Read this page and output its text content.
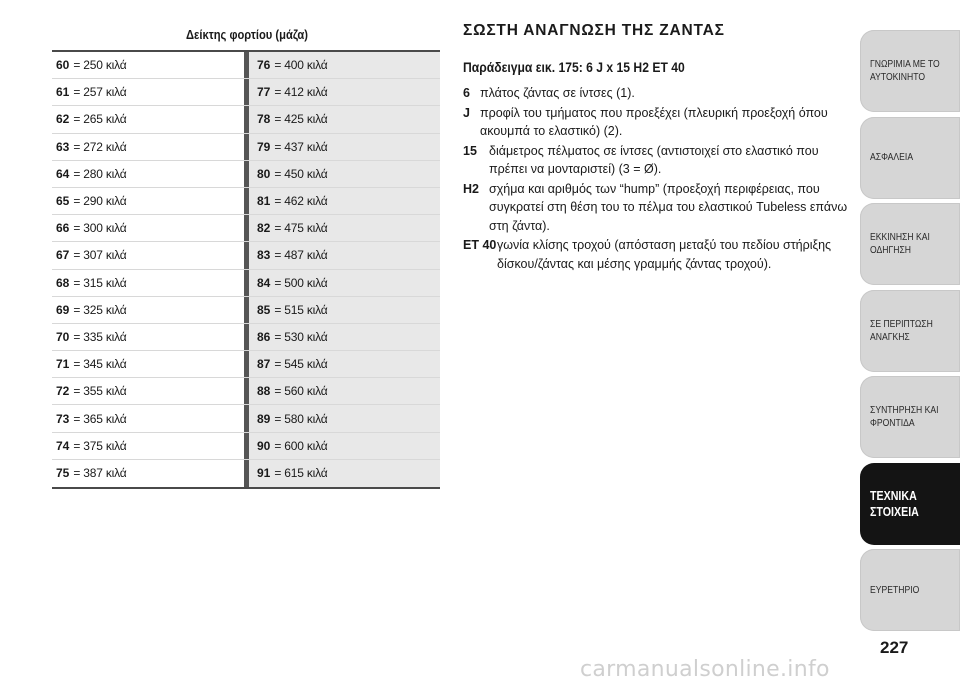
Δείκτης φορτίου (μάζα)
60 = 250 κιλά	76 = 400 κιλά
61 = 257 κιλά	77 = 412 κιλά
62 = 265 κιλά	78 = 425 κιλά
63 = 272 κιλά	79 = 437 κιλά
64 = 280 κιλά	80 = 450 κιλά
65 = 290 κιλά	81 = 462 κιλά
66 = 300 κιλά	82 = 475 κιλά
67 = 307 κιλά	83 = 487 κιλά
68 = 315 κιλά	84 = 500 κιλά
69 = 325 κιλά	85 = 515 κιλά
70 = 335 κιλά	86 = 530 κιλά
71 = 345 κιλά	87 = 545 κιλά
72 = 355 κιλά	88 = 560 κιλά
73 = 365 κιλά	89 = 580 κιλά
74 = 375 κιλά	90 = 600 κιλά
75 = 387 κιλά	91 = 615 κιλά
ΣΩΣΤΗ ΑΝΑΓΝΩΣΗ ΤΗΣ ΖΑΝΤΑΣ
Παράδειγμα εικ. 175: 6 J x 15 H2 ET 40
6 πλάτος ζάντας σε ίντσες (1).
J προφίλ του τμήματος που προεξέχει (πλευρική προεξοχή όπου ακουμπά το ελαστικό) (2).
15 διάμετρος πέλματος σε ίντσες (αντιστοιχεί στο ελαστικό που πρέπει να μονταριστεί) (3 = Ø).
H2 σχήμα και αριθμός των “hump” (προεξοχή περιφέρειας, που συγκρατεί στη θέση του το πέλμα του ελαστικού Tubeless επάνω στη ζάντα).
ET 40 γωνία κλίσης τροχού (απόσταση μεταξύ του πεδίου στήριξης δίσκου/ζάντας και μέσης γραμμής ζάντας τροχού).
ΓΝΩΡΙΜΙΑ ΜΕ ΤΟ
ΑΥΤΟΚΙΝΗΤΟ
ΑΣΦΑΛΕΙΑ
ΕΚΚΙΝΗΣΗ ΚΑΙ
ΟΔΗΓΗΣΗ
ΣΕ ΠΕΡΙΠΤΩΣΗ
ΑΝΑΓΚΗΣ
ΣΥΝΤΗΡΗΣΗ ΚΑΙ
ΦΡΟΝΤΙΔΑ
ΤΕΧΝΙΚΑ
ΣΤΟΙΧΕΙΑ
ΕΥΡΕΤΗΡΙΟ
227
carmanualsonline.info
